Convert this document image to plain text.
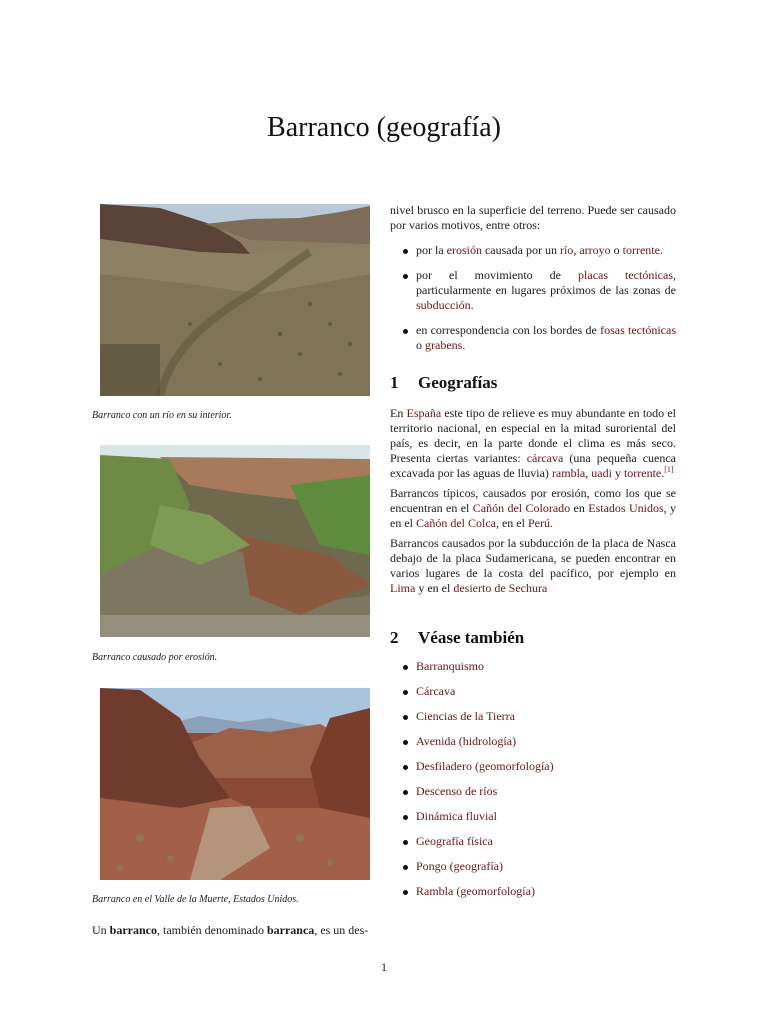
Barranco (geografía)
Barranco con un río en su interior.
Barranco causado por erosión.
Barranco en el Valle de la Muerte, Estados Unidos.
Un barranco, también denominado barranca, es un des-

nivel brusco en la superficie del terreno. Puede ser causado por varios motivos, entre otros:

por la erosión causada por un río, arroyo o torrente.
por el movimiento de placas tectónicas, particularmente en lugares próximos de las zonas de subducción.
en correspondencia con los bordes de fosas tectónicas o grabens.
1 Geografías

En España este tipo de relieve es muy abundante en todo el territorio nacional, en especial en la mitad suroriental del país, es decir, en la parte donde el clima es más seco. Presenta ciertas variantes: cárcava (una pequeña cuenca excavada por las aguas de lluvia) rambla, uadi y torrente.[1]

Barrancos típicos, causados por erosión, como los que se encuentran en el Cañón del Colorado en Estados Unidos, y en el Cañón del Colca, en el Perú.

Barrancos causados por la subducción de la placa de Nasca debajo de la placa Sudamericana, se pueden encontrar en varios lugares de la costa del pacífico, por ejemplo en Lima y en el desierto de Sechura

2 Véase también
Barranquismo
Cárcava
Ciencias de la Tierra
Avenida (hidrología)
Desfiladero (geomorfología)
Descenso de ríos
Dinámica fluvial
Geografía física
Pongo (geografía)
Rambla (geomorfología)
1
